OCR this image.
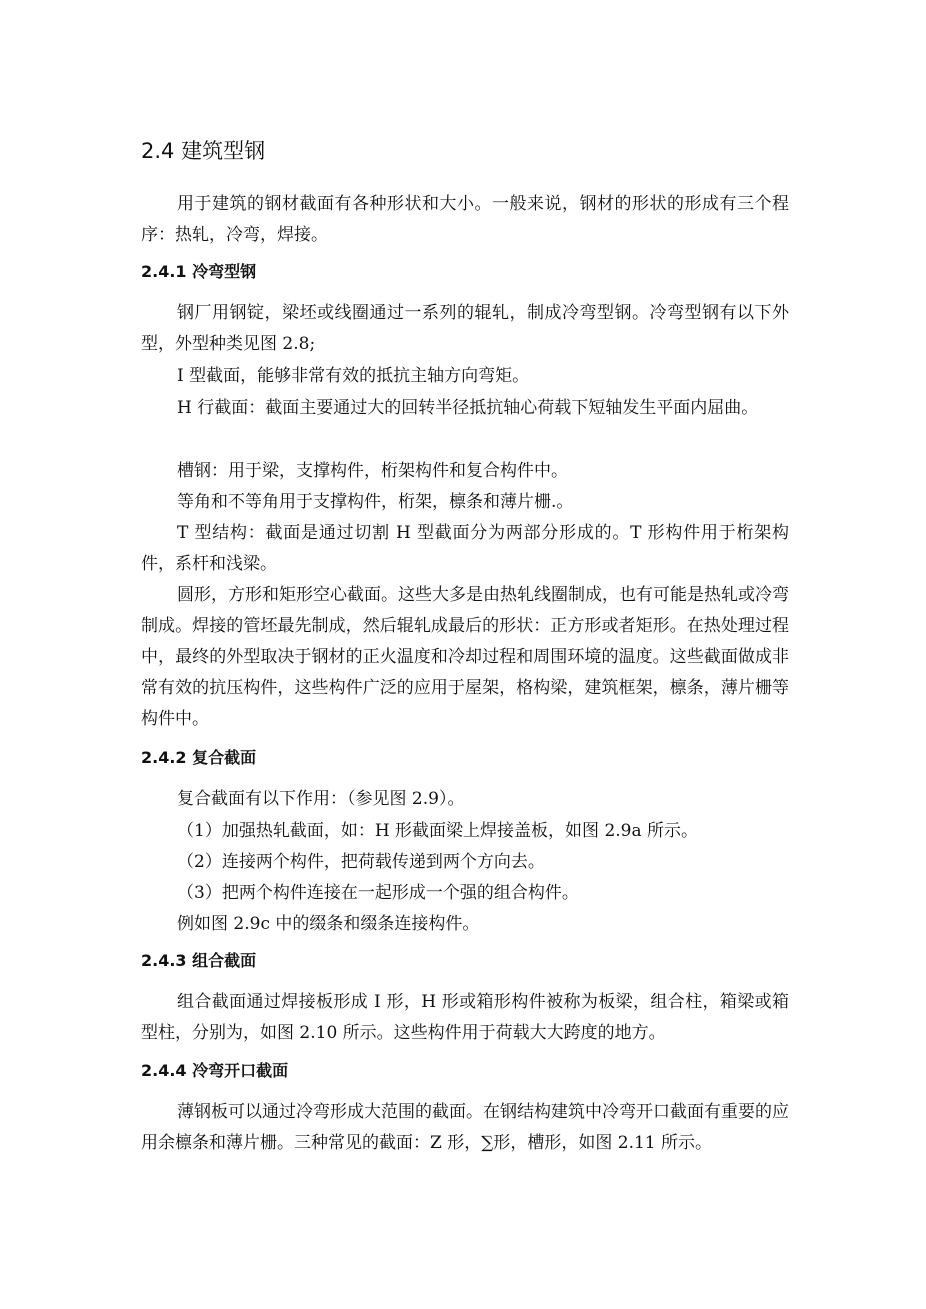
2.4 建筑型钢

用于建筑的钢材截面有各种形状和大小。一般来说，钢材的形状的形成有三个程序：热轧，冷弯，焊接。

2.4.1 冷弯型钢

钢厂用钢锭，梁坯或线圈通过一系列的辊轧，制成冷弯型钢。冷弯型钢有以下外型，外型种类见图 2.8;

I 型截面，能够非常有效的抵抗主轴方向弯矩。

H 行截面：截面主要通过大的回转半径抵抗轴心荷载下短轴发生平面内屈曲。

槽钢：用于梁，支撑构件，桁架构件和复合构件中。

等角和不等角用于支撑构件，桁架，檩条和薄片栅.。

T 型结构：截面是通过切割 H 型截面分为两部分形成的。T 形构件用于桁架构件，系杆和浅梁。

圆形，方形和矩形空心截面。这些大多是由热轧线圈制成，也有可能是热轧或冷弯制成。焊接的管坯最先制成，然后辊轧成最后的形状：正方形或者矩形。在热处理过程中，最终的外型取决于钢材的正火温度和冷却过程和周围环境的温度。这些截面做成非常有效的抗压构件，这些构件广泛的应用于屋架，格构梁，建筑框架，檩条，薄片栅等构件中。

2.4.2 复合截面

复合截面有以下作用：（参见图 2.9）。

（1）加强热轧截面，如：H 形截面梁上焊接盖板，如图 2.9a 所示。

（2）连接两个构件，把荷载传递到两个方向去。

（3）把两个构件连接在一起形成一个强的组合构件。

例如图 2.9c 中的缀条和缀条连接构件。

2.4.3 组合截面

组合截面通过焊接板形成 I 形，H 形或箱形构件被称为板梁，组合柱，箱梁或箱型柱，分别为，如图 2.10 所示。这些构件用于荷载大大跨度的地方。

2.4.4 冷弯开口截面

薄钢板可以通过冷弯形成大范围的截面。在钢结构建筑中冷弯开口截面有重要的应用余檩条和薄片栅。三种常见的截面：Z 形，∑形，槽形，如图 2.11 所示。
